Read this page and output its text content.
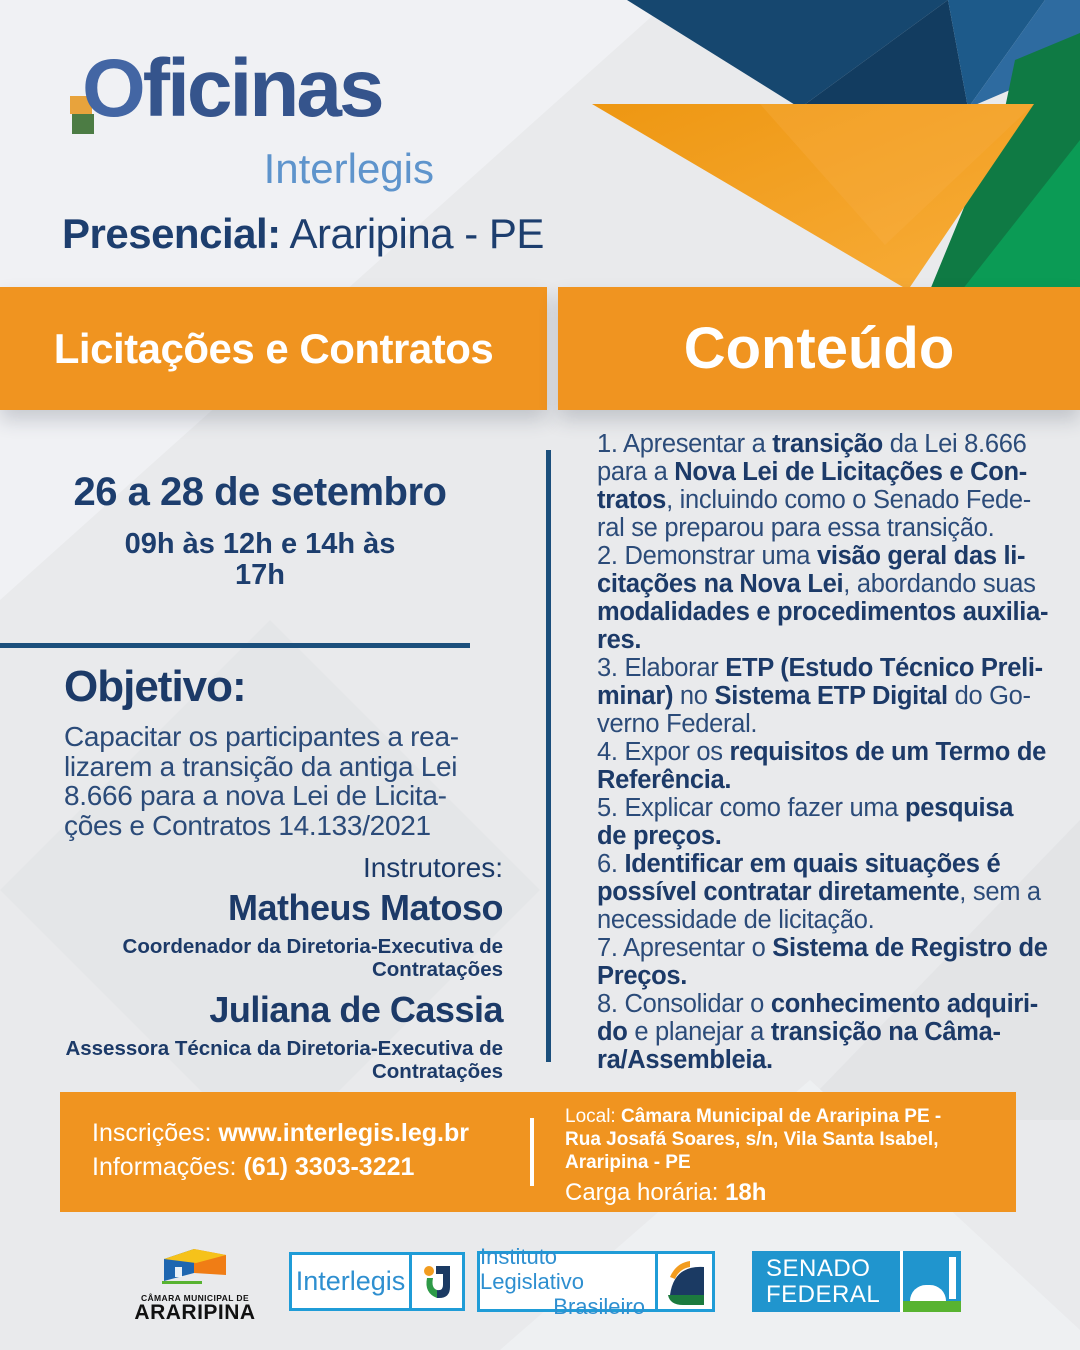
Oficinas
Interlegis
Presencial: Araripina - PE
Licitações e Contratos	Conteúdo
26 a 28 de setembro
09h às 12h e 14h às
17h
Objetivo:
Capacitar os participantes a rea-
lizarem a transição da antiga Lei
8.666 para a nova Lei de Licita-
ções e Contratos 14.133/2021
Instrutores:
Matheus Matoso
Coordenador da Diretoria-Executiva de
Contratações
Juliana de Cassia
Assessora Técnica da Diretoria-Executiva de
Contratações
1. Apresentar a transição da Lei 8.666
para a Nova Lei de Licitações e Con-
tratos, incluindo como o Senado Fede-
ral se preparou para essa transição.
2. Demonstrar uma visão geral das li-
citações na Nova Lei, abordando suas
modalidades e procedimentos auxilia-
res.
3. Elaborar ETP (Estudo Técnico Preli-
minar) no Sistema ETP Digital do Go-
verno Federal.
4. Expor os requisitos de um Termo de
Referência.
5. Explicar como fazer uma pesquisa
de preços.
6. Identificar em quais situações é
possível contratar diretamente, sem a
necessidade de licitação.
7. Apresentar o Sistema de Registro de
Preços.
8. Consolidar o conhecimento adquiri-
do e planejar a transição na Câma-
ra/Assembleia.
Inscrições: www.interlegis.leg.br
Informações: (61) 3303-3221
Local: Câmara Municipal de Araripina PE -
Rua Josafá Soares, s/n, Vila Santa Isabel,
Araripina - PE
Carga horária: 18h
CÂMARA MUNICIPAL DE
ARARIPINA
Interlegis
Instituto Legislativo
Brasileiro
SENADO
FEDERAL
